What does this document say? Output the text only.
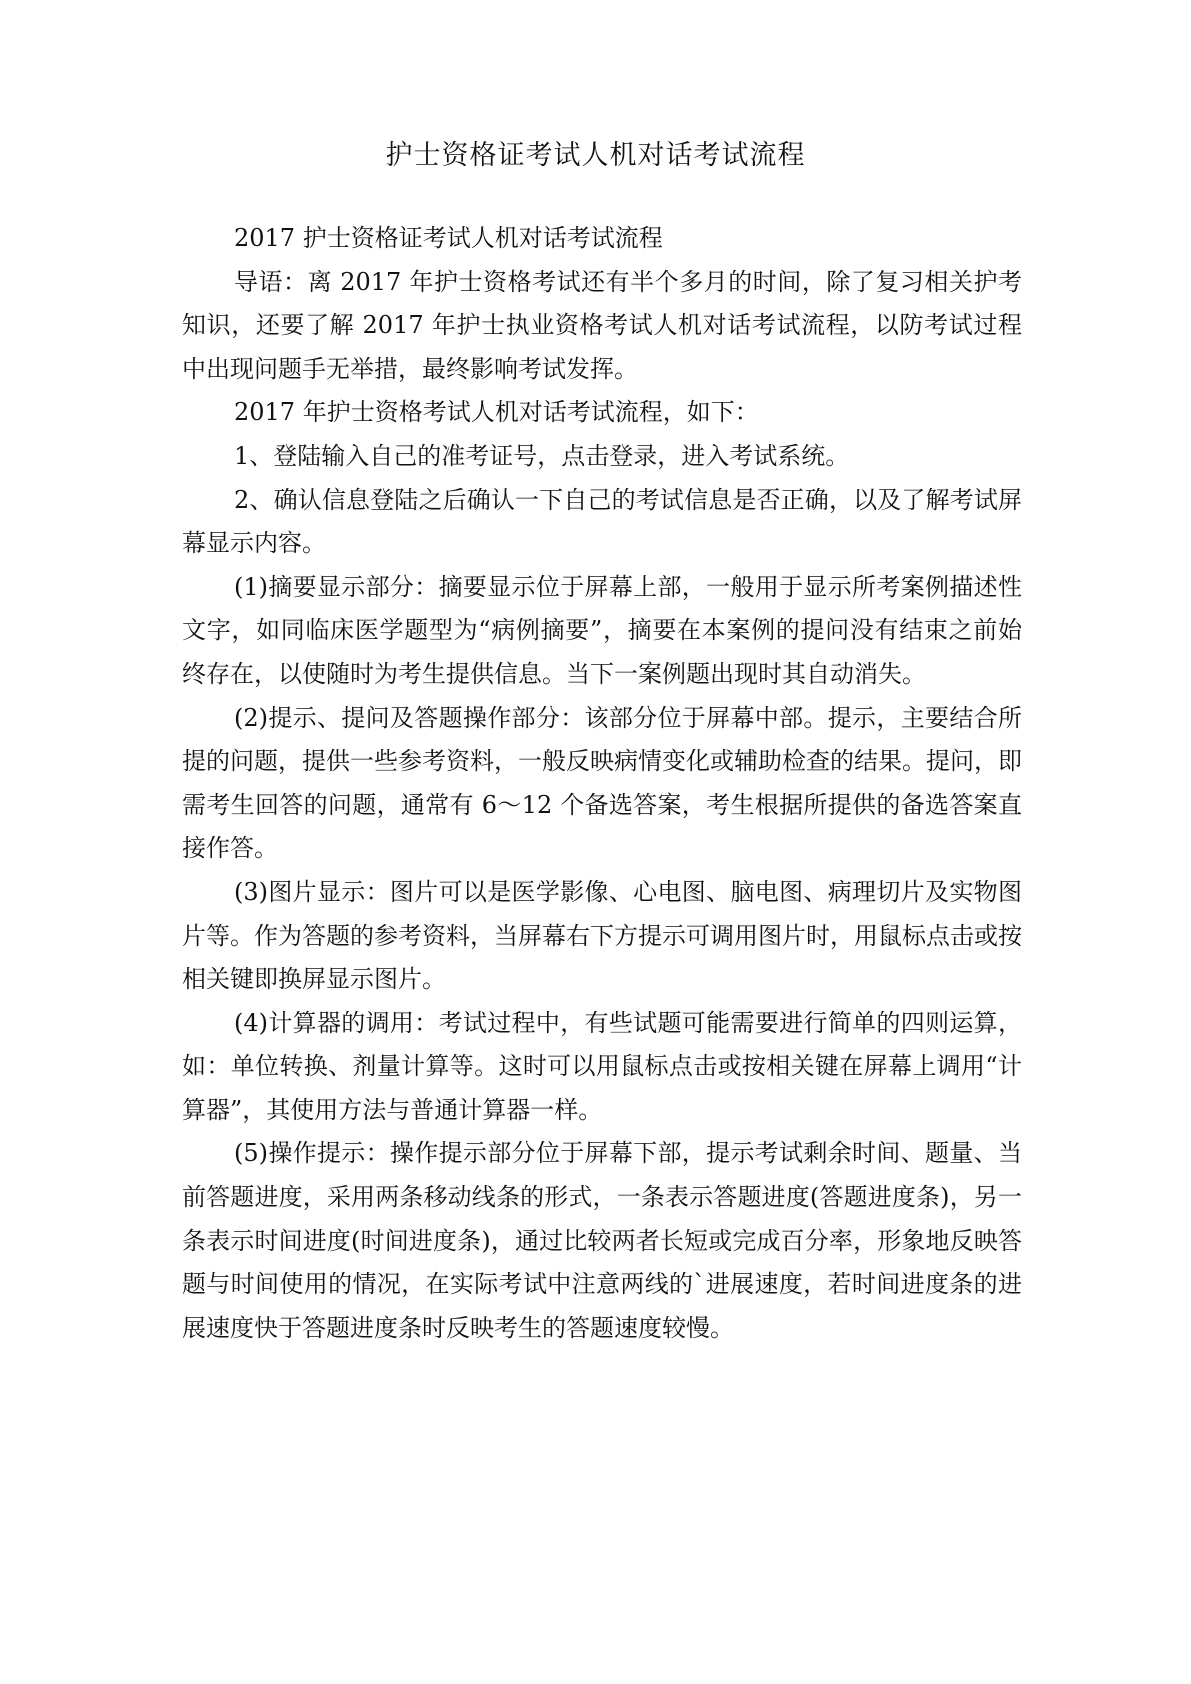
护士资格证考试人机对话考试流程

2017 护士资格证考试人机对话考试流程

导语：离 2017 年护士资格考试还有半个多月的时间，除了复习相关护考知识，还要了解 2017 年护士执业资格考试人机对话考试流程，以防考试过程中出现问题手无举措，最终影响考试发挥。

2017 年护士资格考试人机对话考试流程，如下：

1、登陆输入自己的准考证号，点击登录，进入考试系统。

2、确认信息登陆之后确认一下自己的考试信息是否正确，以及了解考试屏幕显示内容。

(1)摘要显示部分：摘要显示位于屏幕上部，一般用于显示所考案例描述性文字，如同临床医学题型为“病例摘要”，摘要在本案例的提问没有结束之前始终存在，以使随时为考生提供信息。当下一案例题出现时其自动消失。

(2)提示、提问及答题操作部分：该部分位于屏幕中部。提示，主要结合所提的问题，提供一些参考资料，一般反映病情变化或辅助检查的结果。提问，即需考生回答的问题，通常有 6～12 个备选答案，考生根据所提供的备选答案直接作答。

(3)图片显示：图片可以是医学影像、心电图、脑电图、病理切片及实物图片等。作为答题的参考资料，当屏幕右下方提示可调用图片时，用鼠标点击或按相关键即换屏显示图片。

(4)计算器的调用：考试过程中，有些试题可能需要进行简单的四则运算，如：单位转换、剂量计算等。这时可以用鼠标点击或按相关键在屏幕上调用“计算器”，其使用方法与普通计算器一样。

(5)操作提示：操作提示部分位于屏幕下部，提示考试剩余时间、题量、当前答题进度，采用两条移动线条的形式，一条表示答题进度(答题进度条)，另一条表示时间进度(时间进度条)，通过比较两者长短或完成百分率，形象地反映答题与时间使用的情况，在实际考试中注意两线的`进展速度，若时间进度条的进展速度快于答题进度条时反映考生的答题速度较慢。
